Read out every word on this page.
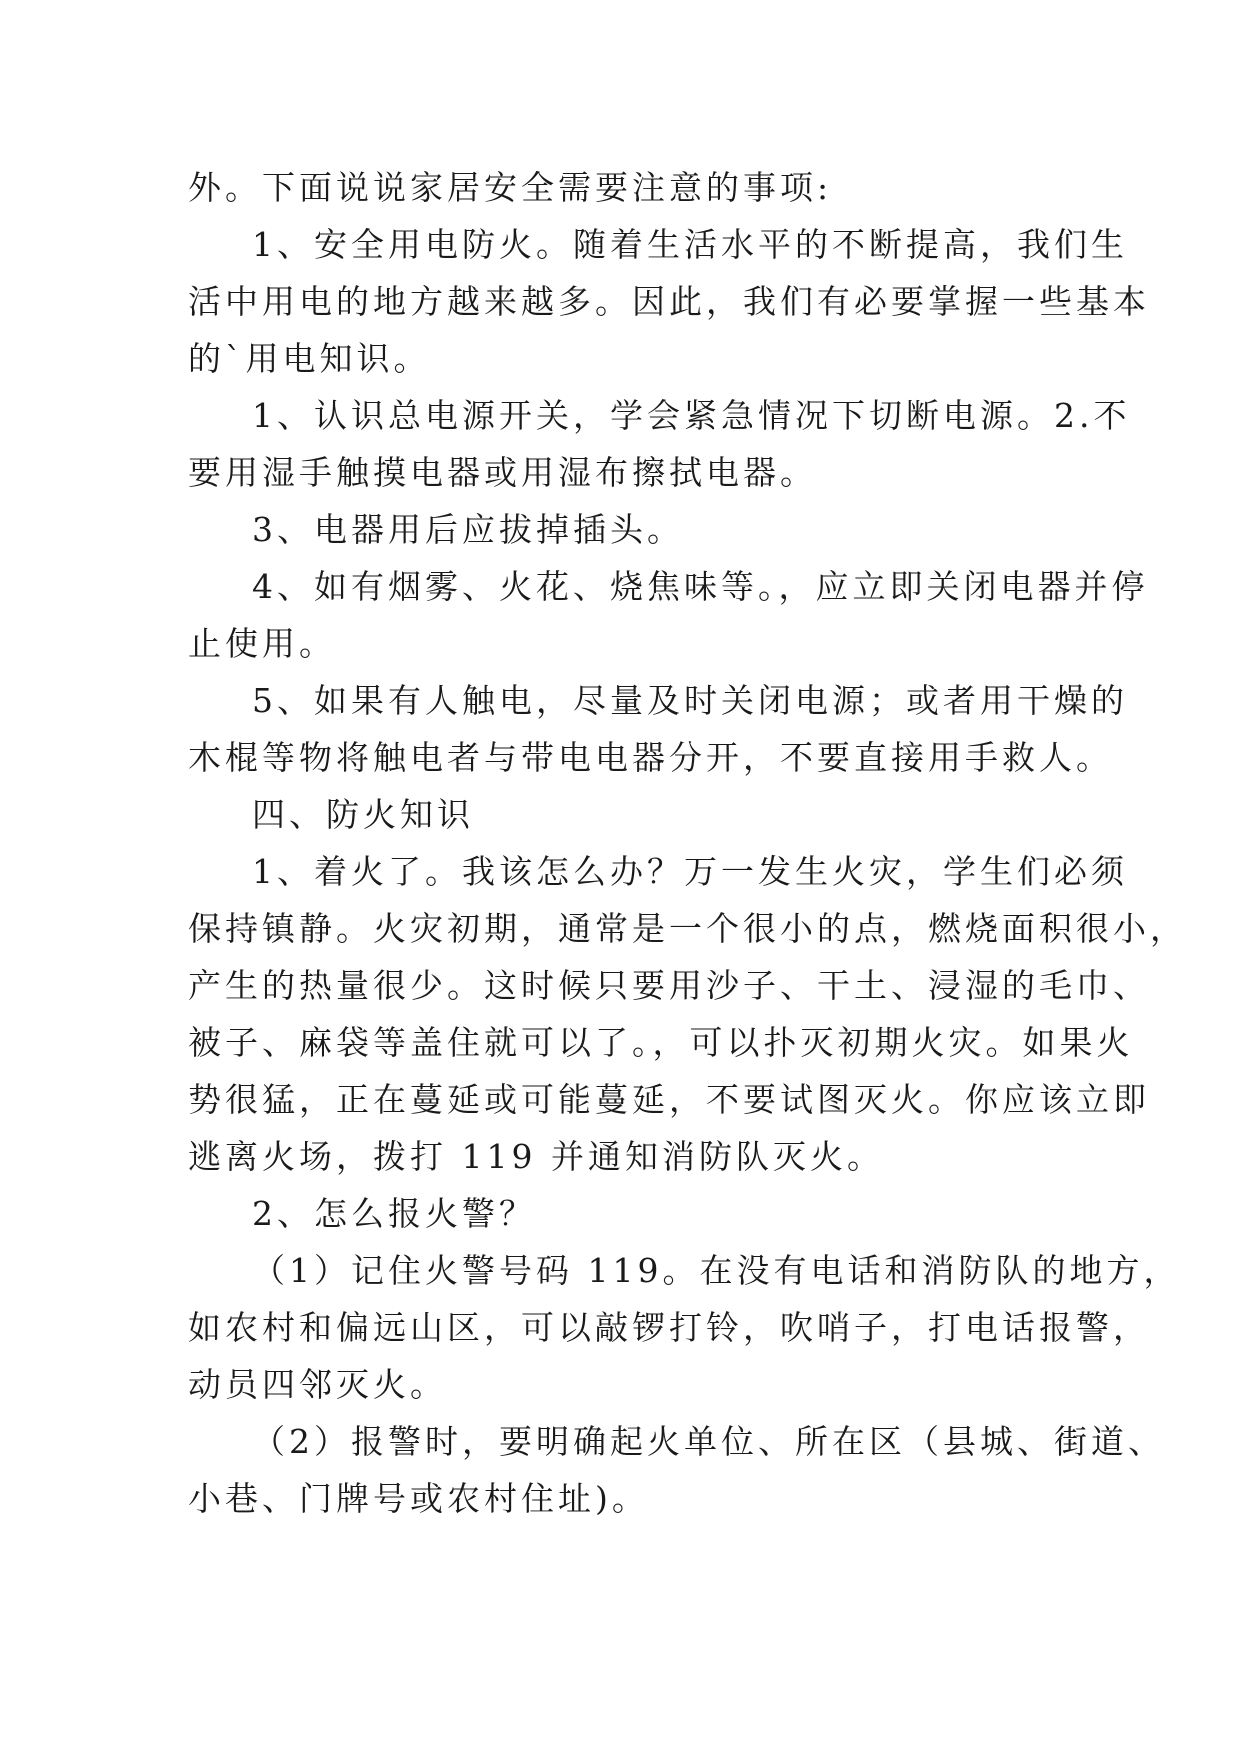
外。下面说说家居安全需要注意的事项:
1、安全用电防火。随着生活水平的不断提高，我们生
活中用电的地方越来越多。因此，我们有必要掌握一些基本
的`用电知识。
1、认识总电源开关，学会紧急情况下切断电源。2.不
要用湿手触摸电器或用湿布擦拭电器。
3、电器用后应拔掉插头。
4、如有烟雾、火花、烧焦味等。，应立即关闭电器并停
止使用。
5、如果有人触电，尽量及时关闭电源；或者用干燥的
木棍等物将触电者与带电电器分开，不要直接用手救人。
四、防火知识
1、着火了。我该怎么办？万一发生火灾，学生们必须
保持镇静。火灾初期，通常是一个很小的点，燃烧面积很小，
产生的热量很少。这时候只要用沙子、干土、浸湿的毛巾、
被子、麻袋等盖住就可以了。，可以扑灭初期火灾。如果火
势很猛，正在蔓延或可能蔓延，不要试图灭火。你应该立即
逃离火场，拨打 119 并通知消防队灭火。
2、怎么报火警？
（1）记住火警号码 119。在没有电话和消防队的地方，
如农村和偏远山区，可以敲锣打铃，吹哨子，打电话报警，
动员四邻灭火。
（2）报警时，要明确起火单位、所在区（县城、街道、
小巷、门牌号或农村住址)。
